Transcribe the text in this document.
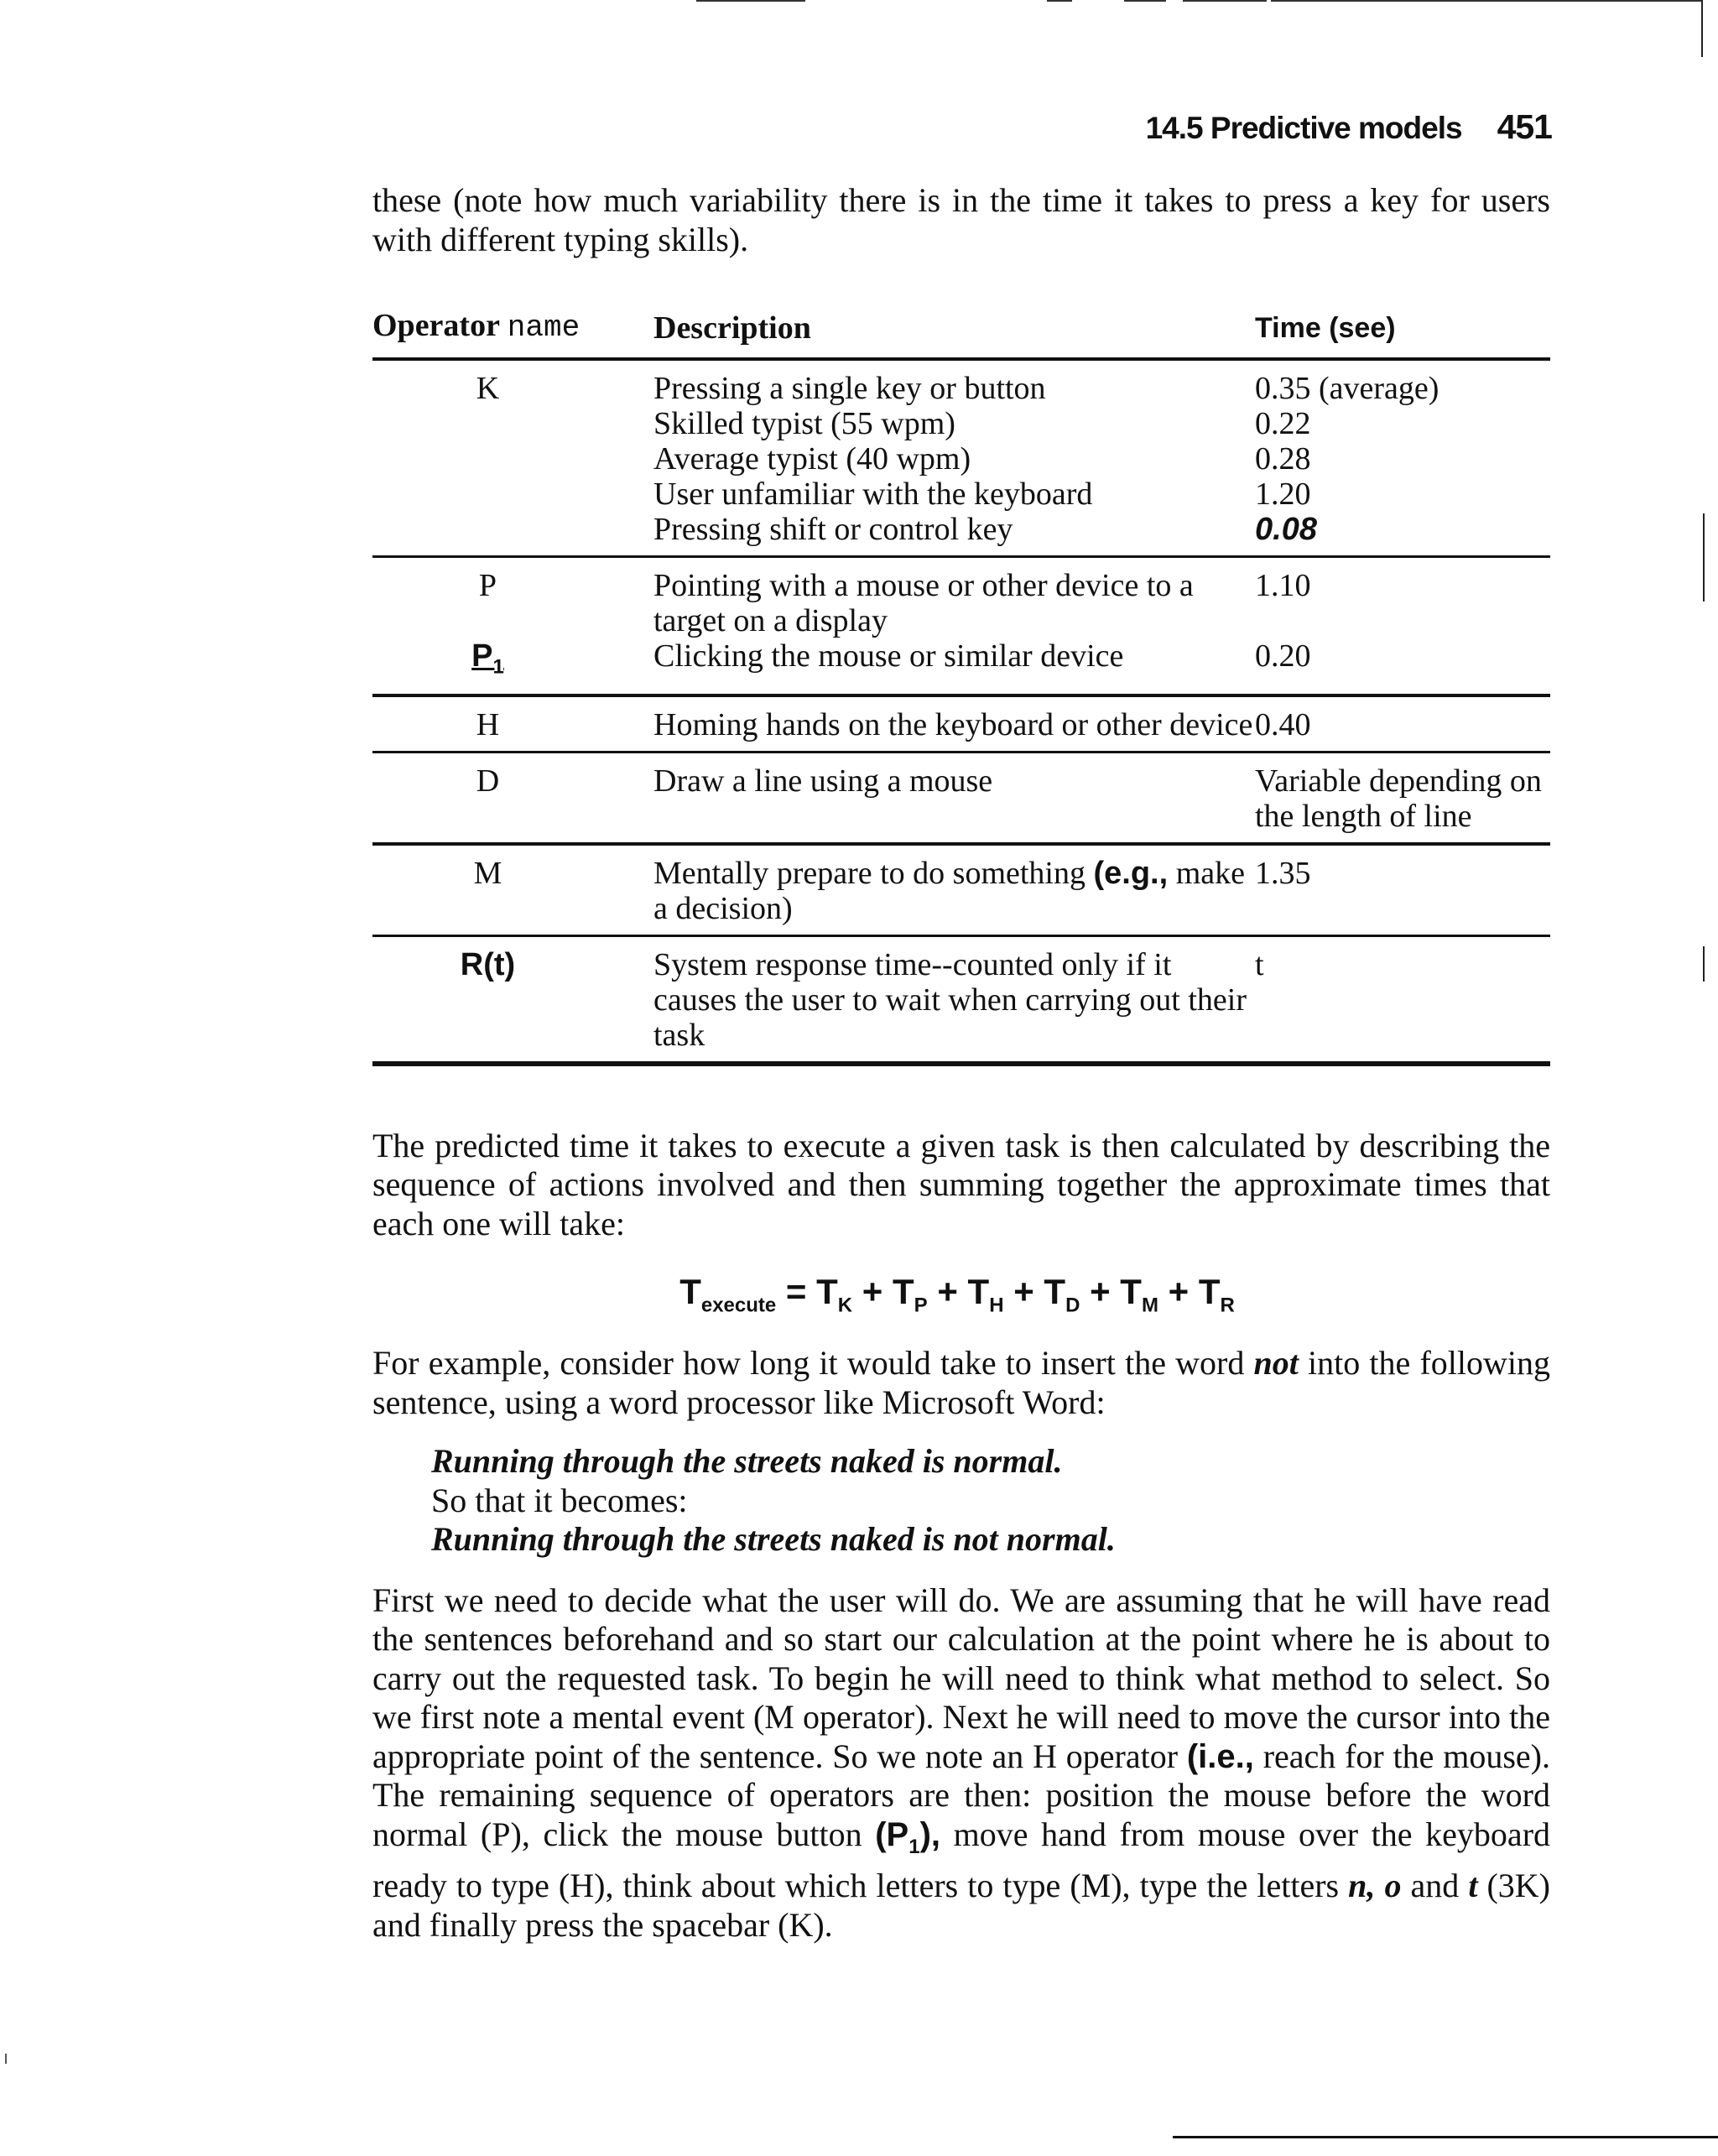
14.5 Predictive models 451

these (note how much variability there is in the time it takes to press a key for users with different typing skills).

Operator name	Description	Time (see)
K	Pressing a single key or button	0.35 (average)
	Skilled typist (55 wpm)	0.22
	Average typist (40 wpm)	0.28
	User unfamiliar with the keyboard	1.20
	Pressing shift or control key	0.08
P	Pointing with a mouse or other device to a target on a display	1.10
$P_1$	Clicking the mouse or similar device	0.20
H	Homing hands on the keyboard or other device	0.40
D	Draw a line using a mouse	Variable depending on the length of line
M	Mentally prepare to do something (e.g., make a decision)	1.35
R(t)	System response time--counted only if it causes the user to wait when carrying out their task	t

The predicted time it takes to execute a given task is then calculated by describing the sequence of actions involved and then summing together the approximate times that each one will take:

$T_{execute} = T_K + T_P + T_H + T_D + T_M + T_R$

For example, consider how long it would take to insert the word not into the following sentence, using a word processor like Microsoft Word:

Running through the streets naked is normal.
So that it becomes:
Running through the streets naked is not normal.

First we need to decide what the user will do. We are assuming that he will have read the sentences beforehand and so start our calculation at the point where he is about to carry out the requested task. To begin he will need to think what method to select. So we first note a mental event (M operator). Next he will need to move the cursor into the appropriate point of the sentence. So we note an H operator (i.e., reach for the mouse). The remaining sequence of operators are then: position the mouse before the word normal (P), click the mouse button $(P_1)$, move hand from mouse over the keyboard ready to type (H), think about which letters to type (M), type the letters n, o and t (3K) and finally press the spacebar (K).
